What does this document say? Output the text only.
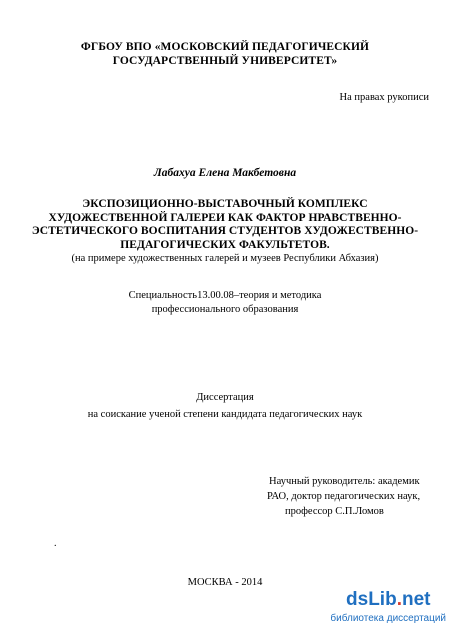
ФГБОУ ВПО «МОСКОВСКИЙ ПЕДАГОГИЧЕСКИЙ
ГОСУДАРСТВЕННЫЙ УНИВЕРСИТЕТ»
На правах рукописи
Лабахуа Елена Макбетовна
ЭКСПОЗИЦИОННО-ВЫСТАВОЧНЫЙ КОМПЛЕКС
ХУДОЖЕСТВЕННОЙ ГАЛЕРЕИ КАК ФАКТОР НРАВСТВЕННО-
ЭСТЕТИЧЕСКОГО ВОСПИТАНИЯ СТУДЕНТОВ ХУДОЖЕСТВЕННО-
ПЕДАГОГИЧЕСКИХ ФАКУЛЬТЕТОВ.
(на примере художественных галерей и музеев Республики Абхазия)
Специальность13.00.08–теория и методика
профессионального образования
Диссертация
на соискание ученой степени кандидата педагогических наук
Научный руководитель: академик
РАО, доктор педагогических наук,
профессор С.П.Ломов
.
МОСКВА - 2014
dsLib.net
библиотека диссертаций
